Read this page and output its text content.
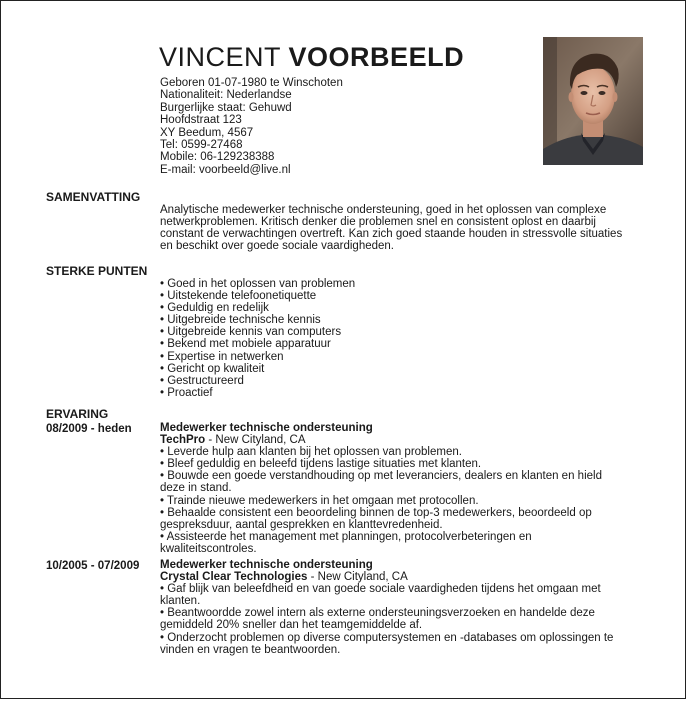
VINCENT VOORBEELD
Geboren 01-07-1980 te Winschoten
Nationaliteit: Nederlandse
Burgerlijke staat: Gehuwd
Hoofdstraat 123
XY Beedum, 4567
Tel: 0599-27468
Mobile: 06-129238388
E-mail: voorbeeld@live.nl
SAMENVATTING
Analytische medewerker technische ondersteuning, goed in het oplossen van complexe
netwerkproblemen. Kritisch denker die problemen snel en consistent oplost en daarbij
constant de verwachtingen overtreft. Kan zich goed staande houden in stressvolle situaties
en beschikt over goede sociale vaardigheden.
STERKE PUNTEN
• Goed in het oplossen van problemen
• Uitstekende telefoonetiquette
• Geduldig en redelijk
• Uitgebreide technische kennis
• Uitgebreide kennis van computers
• Bekend met mobiele apparatuur
• Expertise in netwerken
• Gericht op kwaliteit
• Gestructureerd
• Proactief
ERVARING
08/2009 - heden Medewerker technische ondersteuning
TechPro - New Cityland, CA
• Leverde hulp aan klanten bij het oplossen van problemen.
• Bleef geduldig en beleefd tijdens lastige situaties met klanten.
• Bouwde een goede verstandhouding op met leveranciers, dealers en klanten en hield
deze in stand.
• Trainde nieuwe medewerkers in het omgaan met protocollen.
• Behaalde consistent een beoordeling binnen de top-3 medewerkers, beoordeeld op
gespreksduur, aantal gesprekken en klanttevredenheid.
• Assisteerde het management met planningen, protocolverbeteringen en
kwaliteitscontroles.
10/2005 - 07/2009 Medewerker technische ondersteuning
Crystal Clear Technologies - New Cityland, CA
• Gaf blijk van beleefdheid en van goede sociale vaardigheden tijdens het omgaan met
klanten.
• Beantwoordde zowel intern als externe ondersteuningsverzoeken en handelde deze
gemiddeld 20% sneller dan het teamgemiddelde af.
• Onderzocht problemen op diverse computersystemen en -databases om oplossingen te
vinden en vragen te beantwoorden.
